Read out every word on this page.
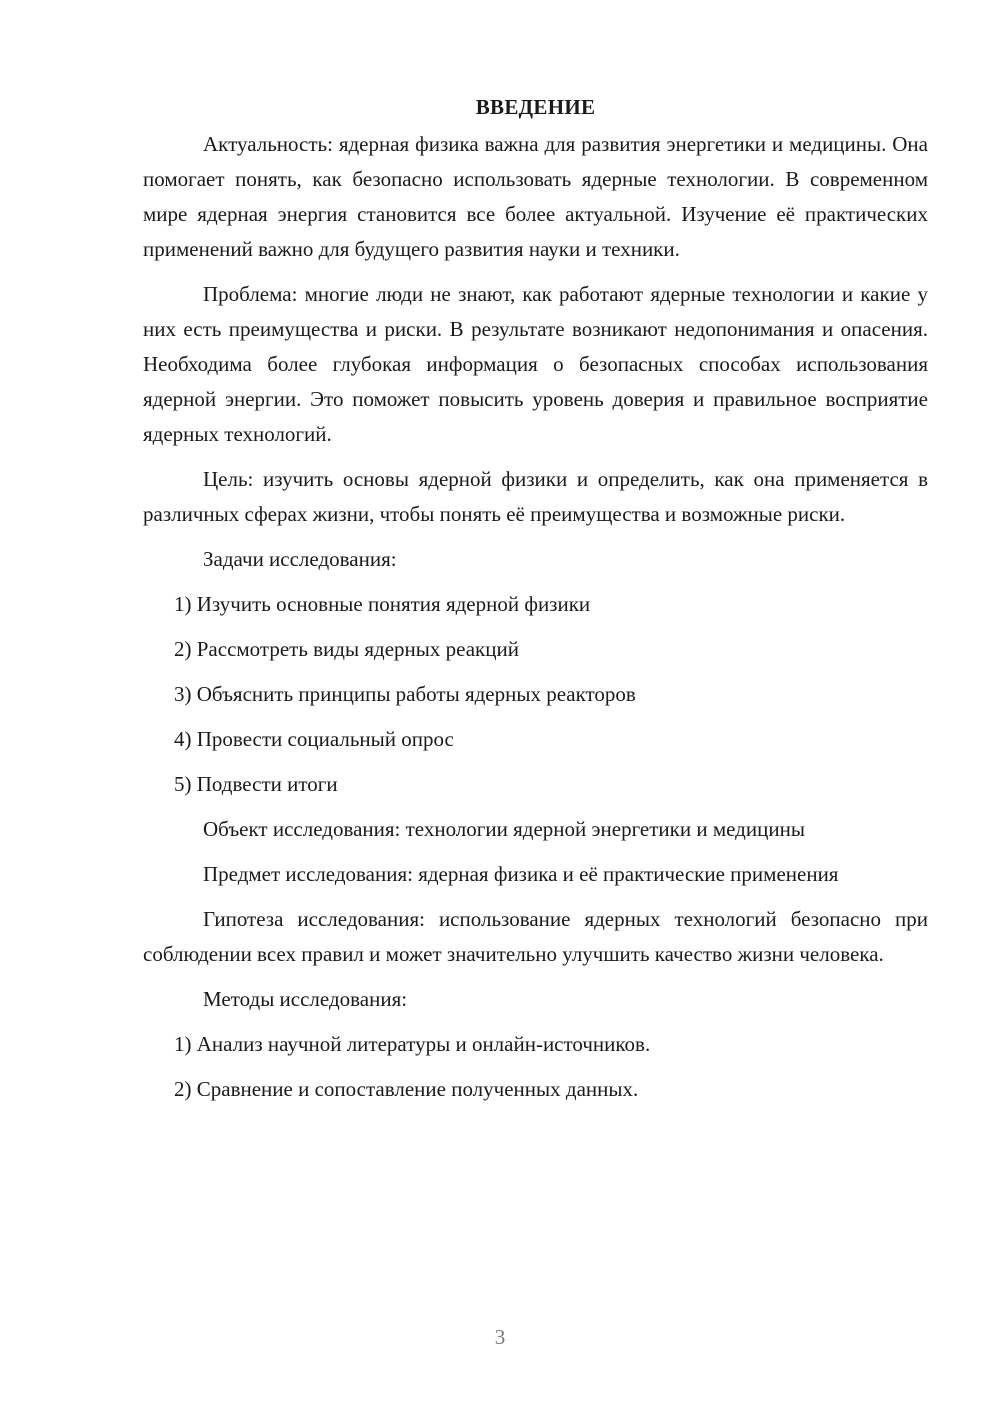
ВВЕДЕНИЕ

Актуальность: ядерная физика важна для развития энергетики и медицины. Она помогает понять, как безопасно использовать ядерные технологии. В современном мире ядерная энергия становится все более актуальной. Изучение её практических применений важно для будущего развития науки и техники.

Проблема: многие люди не знают, как работают ядерные технологии и какие у них есть преимущества и риски. В результате возникают недопонимания и опасения. Необходима более глубокая информация о безопасных способах использования ядерной энергии. Это поможет повысить уровень доверия и правильное восприятие ядерных технологий.

Цель: изучить основы ядерной физики и определить, как она применяется в различных сферах жизни, чтобы понять её преимущества и возможные риски.

Задачи исследования:

1) Изучить основные понятия ядерной физики
2) Рассмотреть виды ядерных реакций
3) Объяснить принципы работы ядерных реакторов
4) Провести социальный опрос
5) Подвести итоги

Объект исследования: технологии ядерной энергетики и медицины

Предмет исследования: ядерная физика и её практические применения

Гипотеза исследования: использование ядерных технологий безопасно при соблюдении всех правил и может значительно улучшить качество жизни человека.

Методы исследования:

1) Анализ научной литературы и онлайн-источников.
2) Сравнение и сопоставление полученных данных.
3
